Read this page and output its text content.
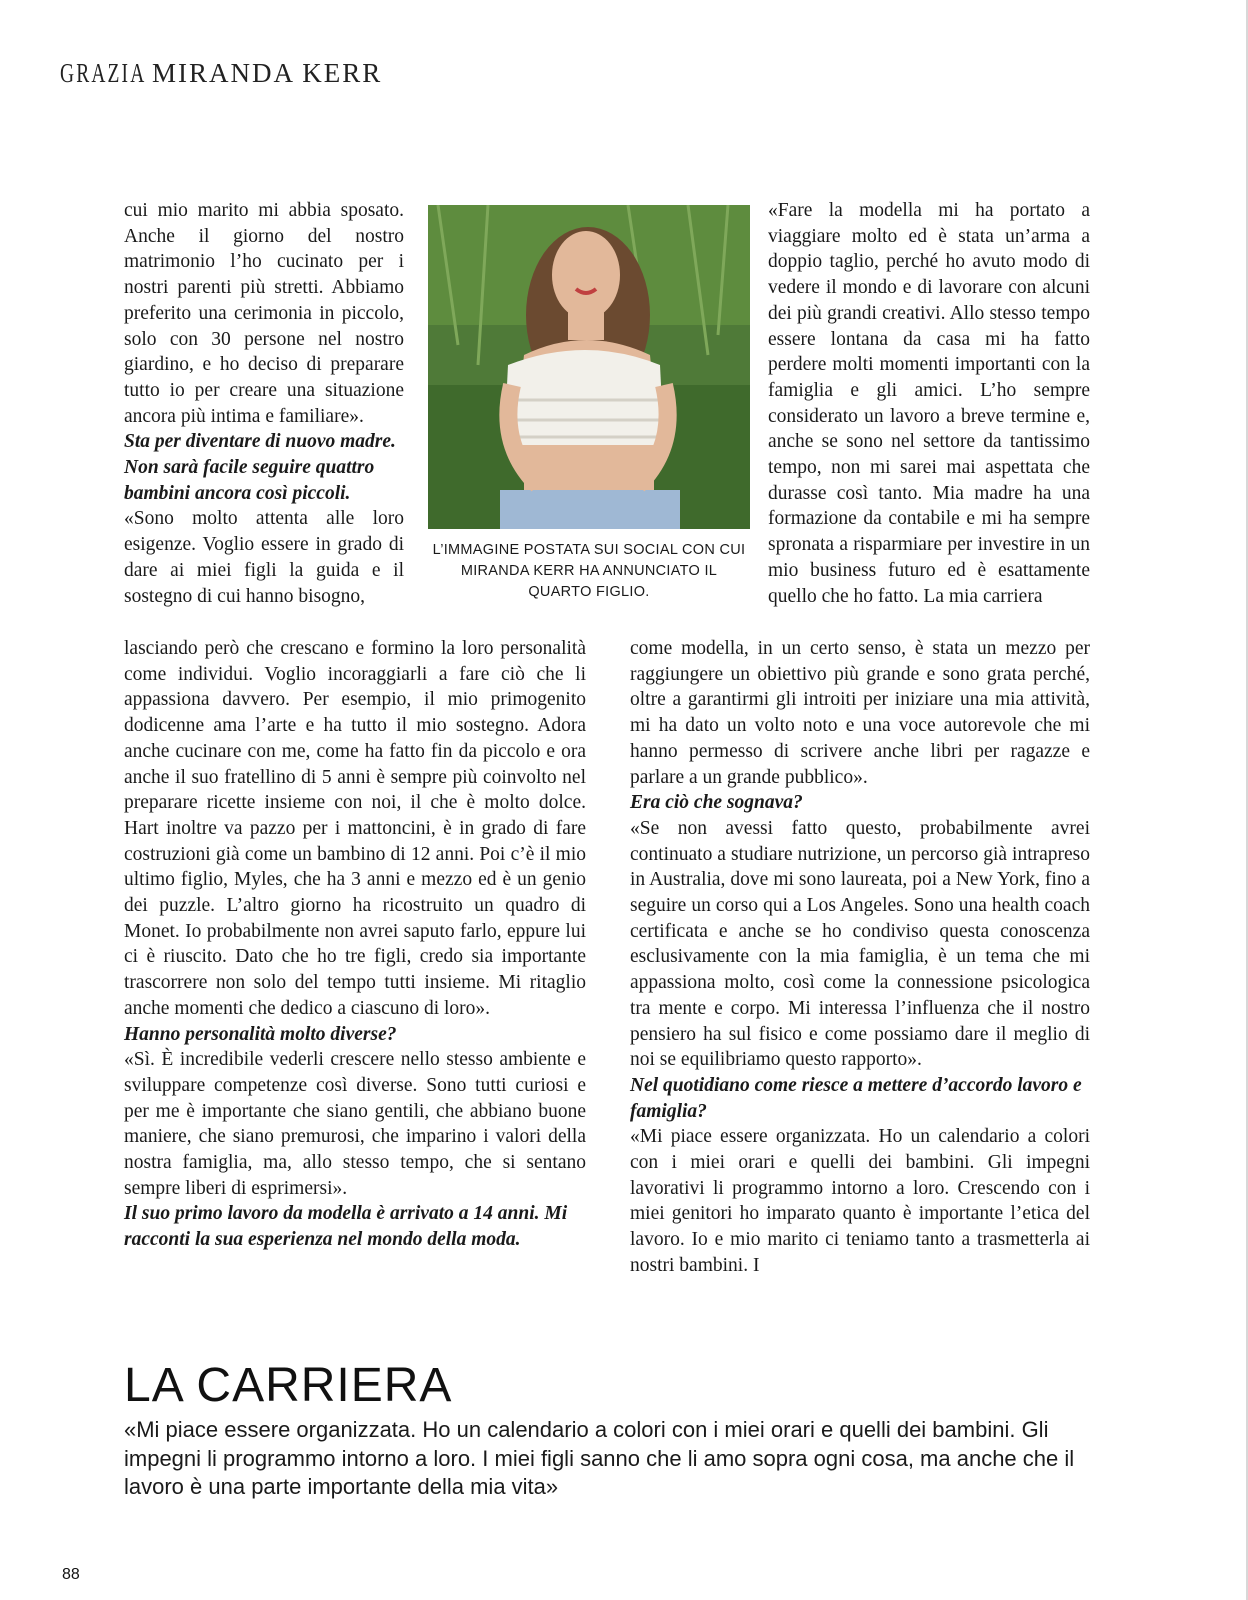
GRAZIA MIRANDA KERR

cui mio marito mi abbia sposato. Anche il giorno del nostro matrimonio l’ho cucinato per i nostri parenti più stretti. Abbiamo preferito una cerimonia in piccolo, solo con 30 persone nel nostro giardino, e ho deciso di preparare tutto io per creare una situazione ancora più intima e familiare».

Sta per diventare di nuovo madre. Non sarà facile seguire quattro bambini ancora così piccoli.

«Sono molto attenta alle loro esigenze. Voglio essere in grado di dare ai miei figli la guida e il sostegno di cui hanno bisogno,

L’IMMAGINE POSTATA SUI SOCIAL CON CUI MIRANDA KERR HA ANNUNCIATO IL QUARTO FIGLIO.

«Fare la modella mi ha portato a viaggiare molto ed è stata un’arma a doppio taglio, perché ho avuto modo di vedere il mondo e di lavorare con alcuni dei più grandi creativi. Allo stesso tempo essere lontana da casa mi ha fatto perdere molti momenti importanti con la famiglia e gli amici. L’ho sempre considerato un lavoro a breve termine e, anche se sono nel settore da tantissimo tempo, non mi sarei mai aspettata che durasse così tanto. Mia madre ha una formazione da contabile e mi ha sempre spronata a risparmiare per investire in un mio business futuro ed è esattamente quello che ho fatto. La mia carriera

lasciando però che crescano e formino la loro personalità come individui. Voglio incoraggiarli a fare ciò che li appassiona davvero. Per esempio, il mio primogenito dodicenne ama l’arte e ha tutto il mio sostegno. Adora anche cucinare con me, come ha fatto fin da piccolo e ora anche il suo fratellino di 5 anni è sempre più coinvolto nel preparare ricette insieme con noi, il che è molto dolce. Hart inoltre va pazzo per i mattoncini, è in grado di fare costruzioni già come un bambino di 12 anni. Poi c’è il mio ultimo figlio, Myles, che ha 3 anni e mezzo ed è un genio dei puzzle. L’altro giorno ha ricostruito un quadro di Monet. Io probabilmente non avrei saputo farlo, eppure lui ci è riuscito. Dato che ho tre figli, credo sia importante trascorrere non solo del tempo tutti insieme. Mi ritaglio anche momenti che dedico a ciascuno di loro».

Hanno personalità molto diverse?

«Sì. È incredibile vederli crescere nello stesso ambiente e sviluppare competenze così diverse. Sono tutti curiosi e per me è importante che siano gentili, che abbiano buone maniere, che siano premurosi, che imparino i valori della nostra famiglia, ma, allo stesso tempo, che si sentano sempre liberi di esprimersi».

Il suo primo lavoro da modella è arrivato a 14 anni. Mi racconti la sua esperienza nel mondo della moda.

come modella, in un certo senso, è stata un mezzo per raggiungere un obiettivo più grande e sono grata perché, oltre a garantirmi gli introiti per iniziare una mia attività, mi ha dato un volto noto e una voce autorevole che mi hanno permesso di scrivere anche libri per ragazze e parlare a un grande pubblico».

Era ciò che sognava?

«Se non avessi fatto questo, probabilmente avrei continuato a studiare nutrizione, un percorso già intrapreso in Australia, dove mi sono laureata, poi a New York, fino a seguire un corso qui a Los Angeles. Sono una health coach certificata e anche se ho condiviso questa conoscenza esclusivamente con la mia famiglia, è un tema che mi appassiona molto, così come la connessione psicologica tra mente e corpo. Mi interessa l’influenza che il nostro pensiero ha sul fisico e come possiamo dare il meglio di noi se equilibriamo questo rapporto».

Nel quotidiano come riesce a mettere d’accordo lavoro e famiglia?

«Mi piace essere organizzata. Ho un calendario a colori con i miei orari e quelli dei bambini. Gli impegni lavorativi li programmo intorno a loro. Crescendo con i miei genitori ho imparato quanto è importante l’etica del lavoro. Io e mio marito ci teniamo tanto a trasmetterla ai nostri bambini. I

LA CARRIERA
«Mi piace essere organizzata. Ho un calendario a colori con i miei orari e quelli dei bambini. Gli impegni li programmo intorno a loro. I miei figli sanno che li amo sopra ogni cosa, ma anche che il lavoro è una parte importante della mia vita»
88
